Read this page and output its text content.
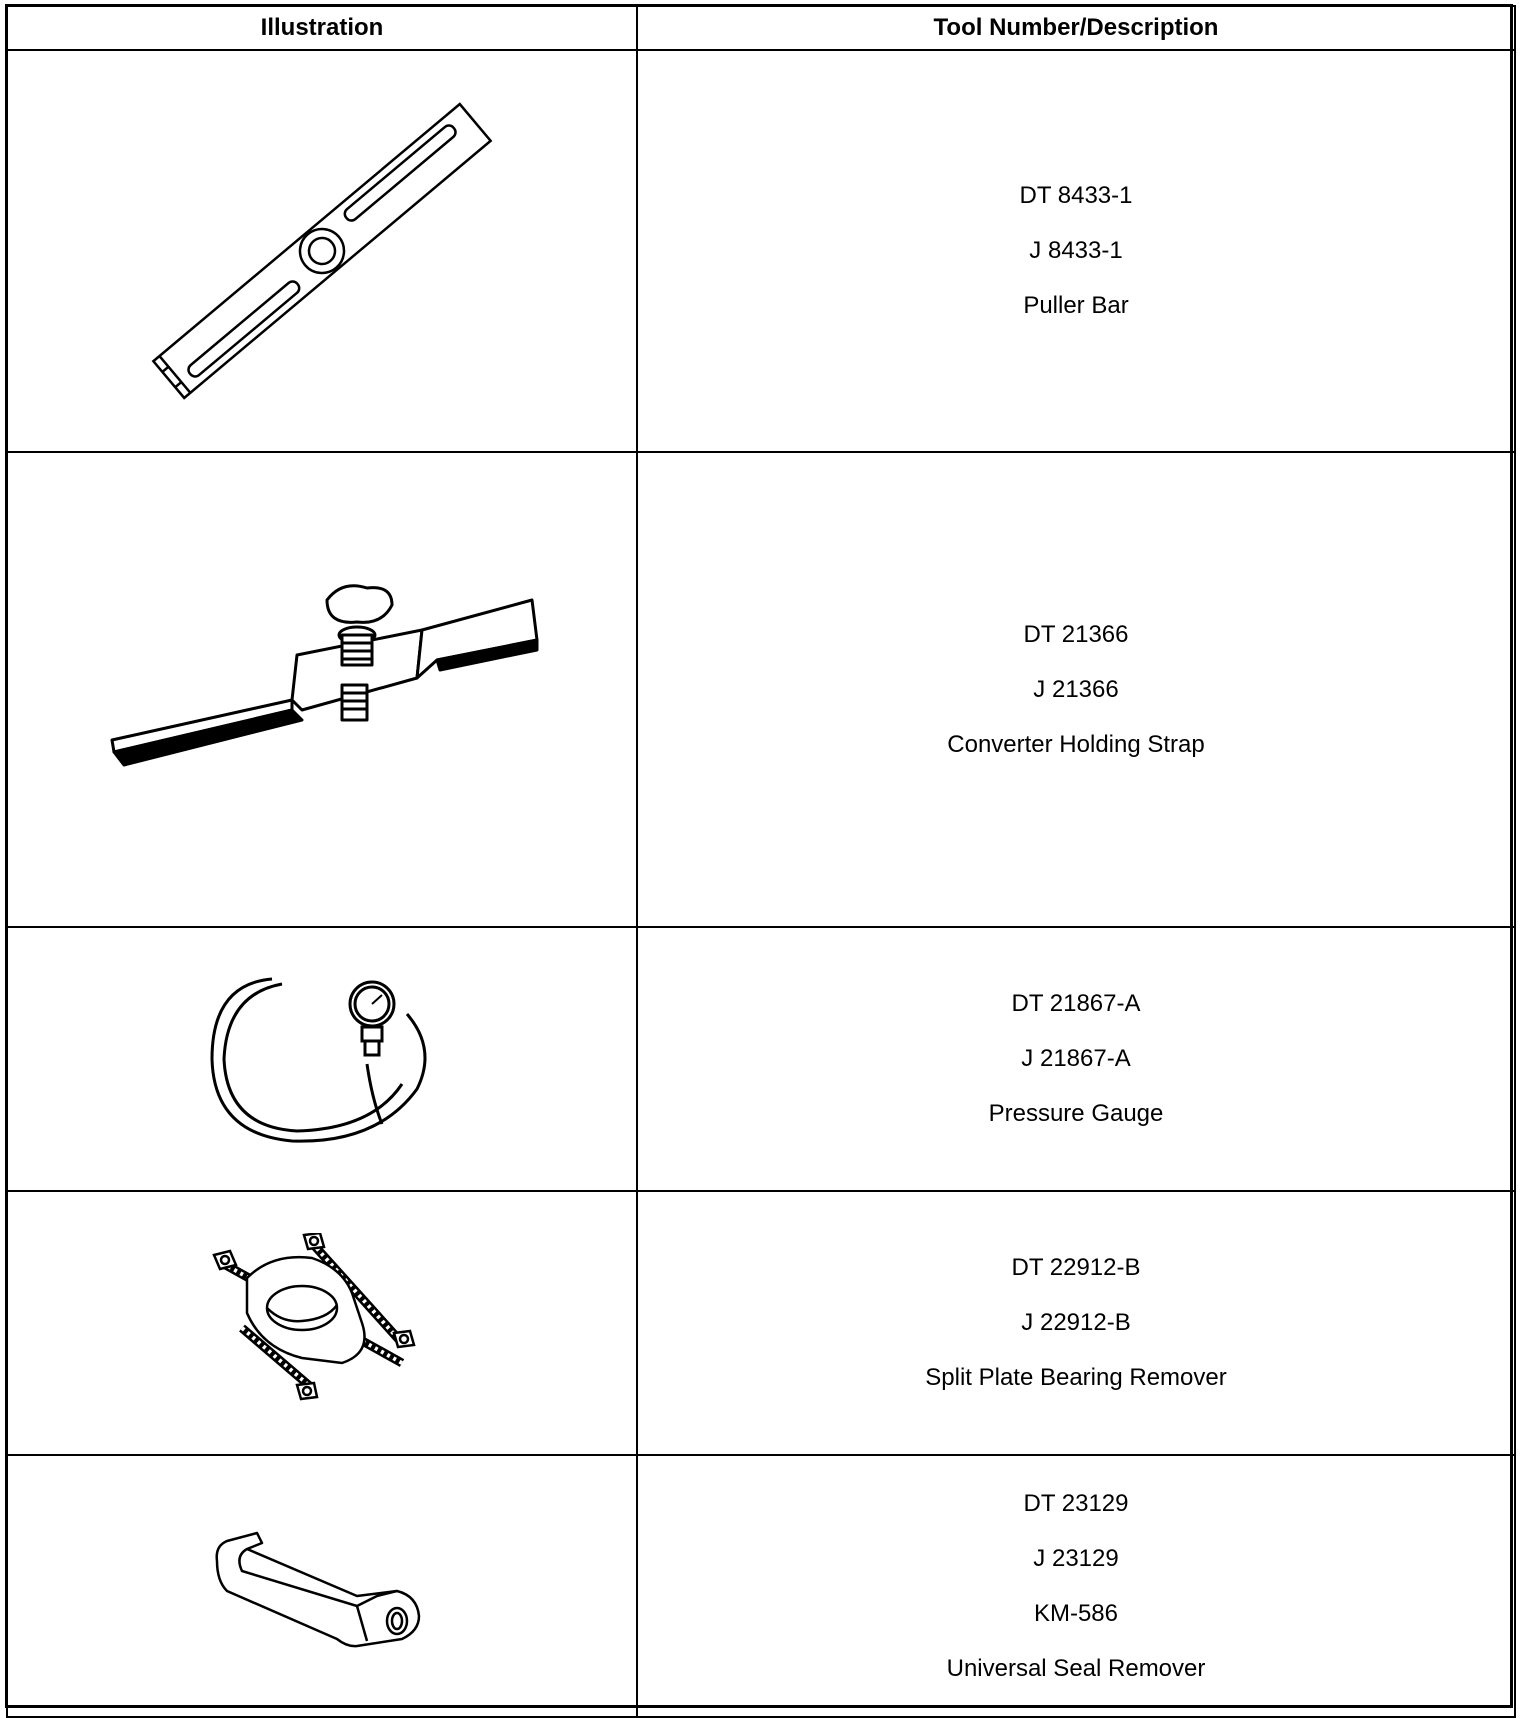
Illustration	Tool Number/Description

DT 8433-1
J 8433-1
Puller Bar

DT 21366
J 21366
Converter Holding Strap

DT 21867-A
J 21867-A
Pressure Gauge

DT 22912-B
J 22912-B
Split Plate Bearing Remover

DT 23129
J 23129
KM-586
Universal Seal Remover
